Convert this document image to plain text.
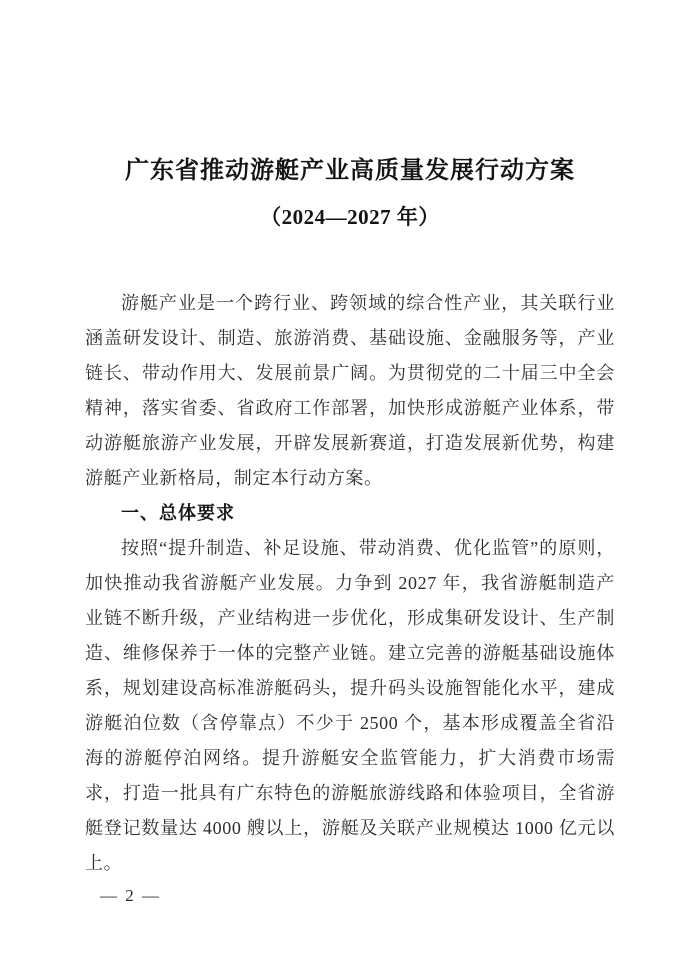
广东省推动游艇产业高质量发展行动方案
（2024—2027 年）

游艇产业是一个跨行业、跨领域的综合性产业，其关联行业涵盖研发设计、制造、旅游消费、基础设施、金融服务等，产业链长、带动作用大、发展前景广阔。为贯彻党的二十届三中全会精神，落实省委、省政府工作部署，加快形成游艇产业体系，带动游艇旅游产业发展，开辟发展新赛道，打造发展新优势，构建游艇产业新格局，制定本行动方案。

一、总体要求

按照“提升制造、补足设施、带动消费、优化监管”的原则，加快推动我省游艇产业发展。力争到 2027 年，我省游艇制造产业链不断升级，产业结构进一步优化，形成集研发设计、生产制造、维修保养于一体的完整产业链。建立完善的游艇基础设施体系，规划建设高标准游艇码头，提升码头设施智能化水平，建成游艇泊位数（含停靠点）不少于 2500 个，基本形成覆盖全省沿海的游艇停泊网络。提升游艇安全监管能力，扩大消费市场需求，打造一批具有广东特色的游艇旅游线路和体验项目，全省游艇登记数量达 4000 艘以上，游艇及关联产业规模达 1000 亿元以上。

— 2 —
